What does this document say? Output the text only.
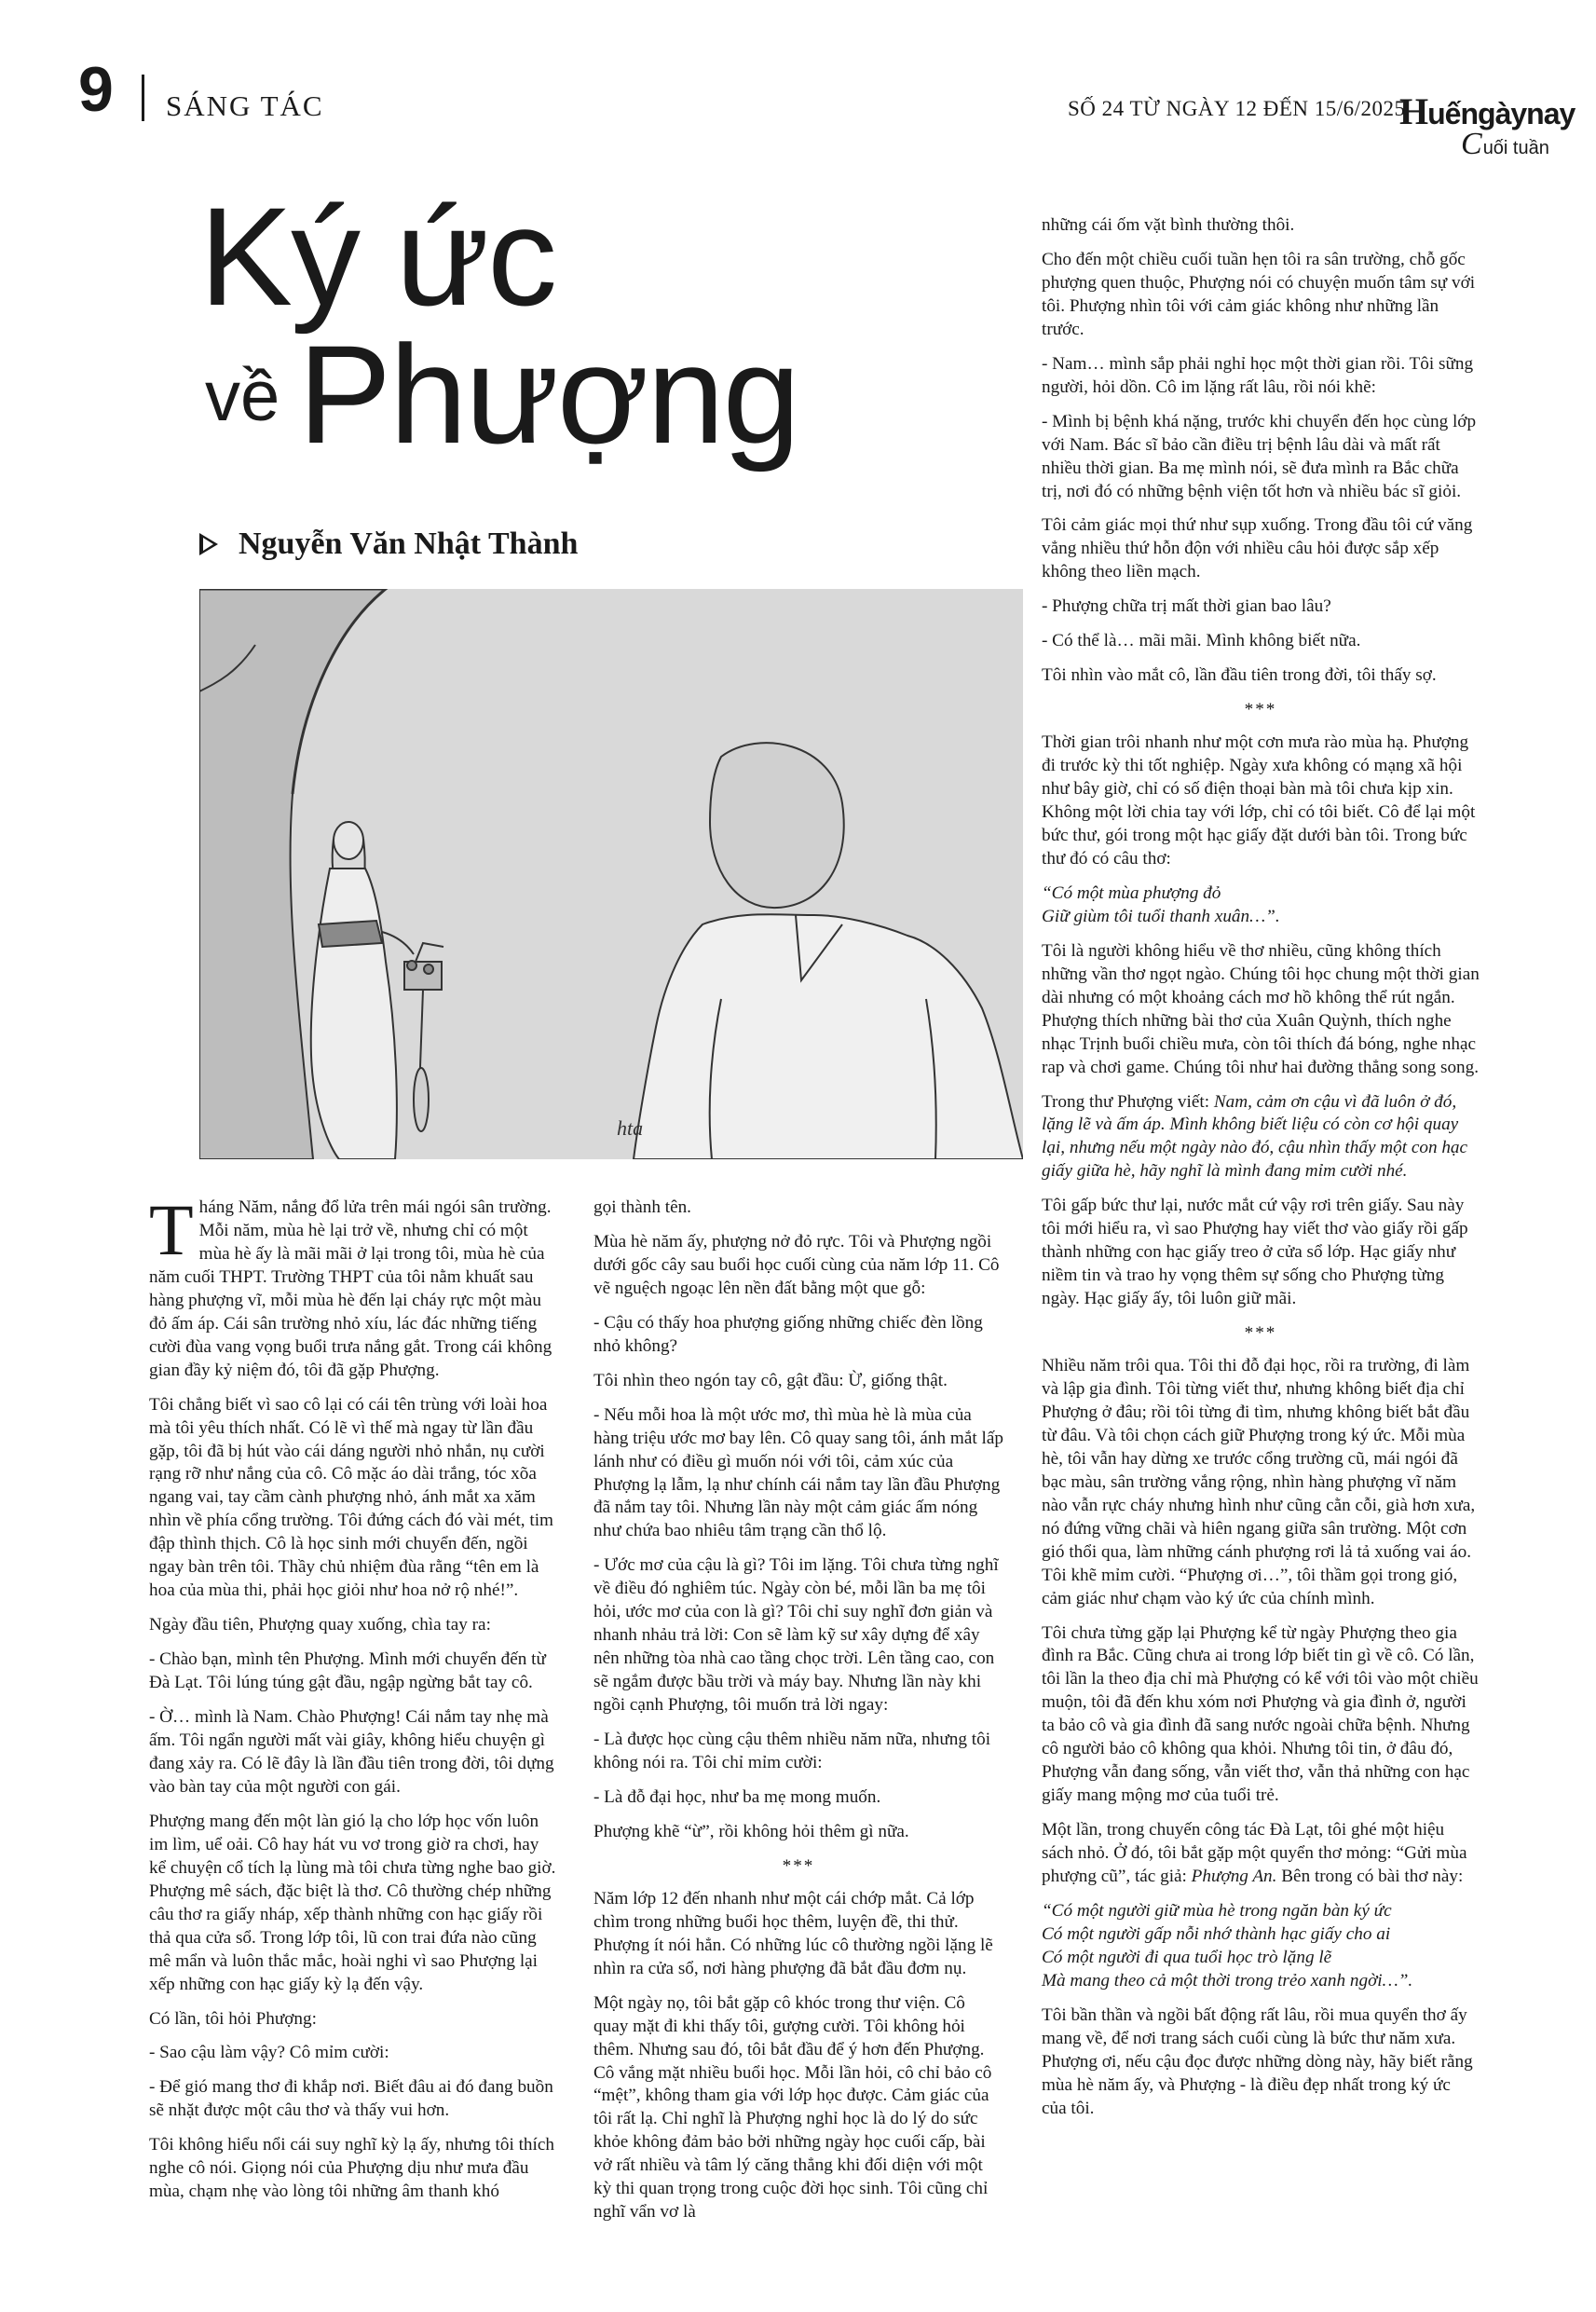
9 SÁNG TÁC	SỐ 24 TỪ NGÀY 12 ĐẾN 15/6/2025
Huếngàynay
Cuối tuần
Ký ức
về Phượng
Nguyễn Văn Nhật Thành
hta

Tháng Năm, nắng đổ lửa trên mái ngói sân trường. Mỗi năm, mùa hè lại trở về, nhưng chỉ có một mùa hè ấy là mãi mãi ở lại trong tôi, mùa hè của năm cuối THPT. Trường THPT của tôi nằm khuất sau hàng phượng vĩ, mỗi mùa hè đến lại cháy rực một màu đỏ ấm áp. Cái sân trường nhỏ xíu, lác đác những tiếng cười đùa vang vọng buổi trưa nắng gắt. Trong cái không gian đầy kỷ niệm đó, tôi đã gặp Phượng.

Tôi chẳng biết vì sao cô lại có cái tên trùng với loài hoa mà tôi yêu thích nhất. Có lẽ vì thế mà ngay từ lần đầu gặp, tôi đã bị hút vào cái dáng người nhỏ nhắn, nụ cười rạng rỡ như nắng của cô. Cô mặc áo dài trắng, tóc xõa ngang vai, tay cầm cành phượng nhỏ, ánh mắt xa xăm nhìn về phía cổng trường. Tôi đứng cách đó vài mét, tim đập thình thịch. Cô là học sinh mới chuyển đến, ngồi ngay bàn trên tôi. Thầy chủ nhiệm đùa rằng “tên em là hoa của mùa thi, phải học giỏi như hoa nở rộ nhé!”.

Ngày đầu tiên, Phượng quay xuống, chìa tay ra:

- Chào bạn, mình tên Phượng. Mình mới chuyển đến từ Đà Lạt. Tôi lúng túng gật đầu, ngập ngừng bắt tay cô.

- Ờ… mình là Nam. Chào Phượng! Cái nắm tay nhẹ mà ấm. Tôi ngẩn người mất vài giây, không hiểu chuyện gì đang xảy ra. Có lẽ đây là lần đầu tiên trong đời, tôi dựng vào bàn tay của một người con gái.

Phượng mang đến một làn gió lạ cho lớp học vốn luôn im lìm, uể oải. Cô hay hát vu vơ trong giờ ra chơi, hay kể chuyện cổ tích lạ lùng mà tôi chưa từng nghe bao giờ. Phượng mê sách, đặc biệt là thơ. Cô thường chép những câu thơ ra giấy nháp, xếp thành những con hạc giấy rồi thả qua cửa sổ. Trong lớp tôi, lũ con trai đứa nào cũng mê mẩn và luôn thắc mắc, hoài nghi vì sao Phượng lại xếp những con hạc giấy kỳ lạ đến vậy.

Có lần, tôi hỏi Phượng:

- Sao cậu làm vậy? Cô mỉm cười:

- Để gió mang thơ đi khắp nơi. Biết đâu ai đó đang buồn sẽ nhặt được một câu thơ và thấy vui hơn.

Tôi không hiểu nổi cái suy nghĩ kỳ lạ ấy, nhưng tôi thích nghe cô nói. Giọng nói của Phượng dịu như mưa đầu mùa, chạm nhẹ vào lòng tôi những âm thanh khó

gọi thành tên.

Mùa hè năm ấy, phượng nở đỏ rực. Tôi và Phượng ngồi dưới gốc cây sau buổi học cuối cùng của năm lớp 11. Cô vẽ nguệch ngoạc lên nền đất bằng một que gỗ:

- Cậu có thấy hoa phượng giống những chiếc đèn lồng nhỏ không?

Tôi nhìn theo ngón tay cô, gật đầu: Ừ, giống thật.

- Nếu mỗi hoa là một ước mơ, thì mùa hè là mùa của hàng triệu ước mơ bay lên. Cô quay sang tôi, ánh mắt lấp lánh như có điều gì muốn nói với tôi, cảm xúc của Phượng lạ lẫm, lạ như chính cái nắm tay lần đầu Phượng đã nắm tay tôi. Nhưng lần này một cảm giác ấm nóng như chứa bao nhiêu tâm trạng cần thổ lộ.

- Ước mơ của cậu là gì? Tôi im lặng. Tôi chưa từng nghĩ về điều đó nghiêm túc. Ngày còn bé, mỗi lần ba mẹ tôi hỏi, ước mơ của con là gì? Tôi chỉ suy nghĩ đơn giản và nhanh nhảu trả lời: Con sẽ làm kỹ sư xây dựng để xây nên những tòa nhà cao tầng chọc trời. Lên tầng cao, con sẽ ngắm được bầu trời và máy bay. Nhưng lần này khi ngồi cạnh Phượng, tôi muốn trả lời ngay:

- Là được học cùng cậu thêm nhiều năm nữa, nhưng tôi không nói ra. Tôi chỉ mỉm cười:

- Là đỗ đại học, như ba mẹ mong muốn.

Phượng khẽ “ừ”, rồi không hỏi thêm gì nữa.

***

Năm lớp 12 đến nhanh như một cái chớp mắt. Cả lớp chìm trong những buổi học thêm, luyện đề, thi thử. Phượng ít nói hẳn. Có những lúc cô thường ngồi lặng lẽ nhìn ra cửa sổ, nơi hàng phượng đã bắt đầu đơm nụ.

Một ngày nọ, tôi bắt gặp cô khóc trong thư viện. Cô quay mặt đi khi thấy tôi, gượng cười. Tôi không hỏi thêm. Nhưng sau đó, tôi bắt đầu để ý hơn đến Phượng. Cô vắng mặt nhiều buổi học. Mỗi lần hỏi, cô chỉ bảo cô “mệt”, không tham gia với lớp học được. Cảm giác của tôi rất lạ. Chỉ nghĩ là Phượng nghỉ học là do lý do sức khỏe không đảm bảo bởi những ngày học cuối cấp, bài vở rất nhiều và tâm lý căng thẳng khi đối diện với một kỳ thi quan trọng trong cuộc đời học sinh. Tôi cũng chỉ nghĩ vẩn vơ là

những cái ốm vặt bình thường thôi.

Cho đến một chiều cuối tuần hẹn tôi ra sân trường, chỗ gốc phượng quen thuộc, Phượng nói có chuyện muốn tâm sự với tôi. Phượng nhìn tôi với cảm giác không như những lần trước.

- Nam… mình sắp phải nghỉ học một thời gian rồi. Tôi sững người, hỏi dồn. Cô im lặng rất lâu, rồi nói khẽ:

- Mình bị bệnh khá nặng, trước khi chuyển đến học cùng lớp với Nam. Bác sĩ bảo cần điều trị bệnh lâu dài và mất rất nhiều thời gian. Ba mẹ mình nói, sẽ đưa mình ra Bắc chữa trị, nơi đó có những bệnh viện tốt hơn và nhiều bác sĩ giỏi.

Tôi cảm giác mọi thứ như sụp xuống. Trong đầu tôi cứ văng vẳng nhiều thứ hỗn độn với nhiều câu hỏi được sắp xếp không theo liền mạch.

- Phượng chữa trị mất thời gian bao lâu?

- Có thể là… mãi mãi. Mình không biết nữa.

Tôi nhìn vào mắt cô, lần đầu tiên trong đời, tôi thấy sợ.

***

Thời gian trôi nhanh như một cơn mưa rào mùa hạ. Phượng đi trước kỳ thi tốt nghiệp. Ngày xưa không có mạng xã hội như bây giờ, chỉ có số điện thoại bàn mà tôi chưa kịp xin. Không một lời chia tay với lớp, chỉ có tôi biết. Cô để lại một bức thư, gói trong một hạc giấy đặt dưới bàn tôi. Trong bức thư đó có câu thơ:

“Có một mùa phượng đỏ
Giữ giùm tôi tuổi thanh xuân…”.

Tôi là người không hiểu về thơ nhiều, cũng không thích những vần thơ ngọt ngào. Chúng tôi học chung một thời gian dài nhưng có một khoảng cách mơ hồ không thể rút ngắn. Phượng thích những bài thơ của Xuân Quỳnh, thích nghe nhạc Trịnh buổi chiều mưa, còn tôi thích đá bóng, nghe nhạc rap và chơi game. Chúng tôi như hai đường thẳng song song.

Trong thư Phượng viết: Nam, cảm ơn cậu vì đã luôn ở đó, lặng lẽ và ấm áp. Mình không biết liệu có còn cơ hội quay lại, nhưng nếu một ngày nào đó, cậu nhìn thấy một con hạc giấy giữa hè, hãy nghĩ là mình đang mỉm cười nhé.

Tôi gấp bức thư lại, nước mắt cứ vậy rơi trên giấy. Sau này tôi mới hiểu ra, vì sao Phượng hay viết thơ vào giấy rồi gấp thành những con hạc giấy treo ở cửa sổ lớp. Hạc giấy như niềm tin và trao hy vọng thêm sự sống cho Phượng từng ngày. Hạc giấy ấy, tôi luôn giữ mãi.

***

Nhiều năm trôi qua. Tôi thi đỗ đại học, rồi ra trường, đi làm và lập gia đình. Tôi từng viết thư, nhưng không biết địa chỉ Phượng ở đâu; rồi tôi từng đi tìm, nhưng không biết bắt đầu từ đâu. Và tôi chọn cách giữ Phượng trong ký ức. Mỗi mùa hè, tôi vẫn hay dừng xe trước cổng trường cũ, mái ngói đã bạc màu, sân trường vắng rộng, nhìn hàng phượng vĩ năm nào vẫn rực cháy nhưng hình như cũng cằn cỗi, già hơn xưa, nó đứng vững chãi và hiên ngang giữa sân trường. Một cơn gió thổi qua, làm những cánh phượng rơi lả tả xuống vai áo. Tôi khẽ mỉm cười. “Phượng ơi…”, tôi thầm gọi trong gió, cảm giác như chạm vào ký ức của chính mình.

Tôi chưa từng gặp lại Phượng kể từ ngày Phượng theo gia đình ra Bắc. Cũng chưa ai trong lớp biết tin gì về cô. Có lần, tôi lần la theo địa chỉ mà Phượng có kể với tôi vào một chiều muộn, tôi đã đến khu xóm nơi Phượng và gia đình ở, người ta bảo cô và gia đình đã sang nước ngoài chữa bệnh. Nhưng cô người bảo cô không qua khỏi. Nhưng tôi tin, ở đâu đó, Phượng vẫn đang sống, vẫn viết thơ, vẫn thả những con hạc giấy mang mộng mơ của tuổi trẻ.

Một lần, trong chuyến công tác Đà Lạt, tôi ghé một hiệu sách nhỏ. Ở đó, tôi bắt gặp một quyển thơ mỏng: “Gửi mùa phượng cũ”, tác giả: Phượng An. Bên trong có bài thơ này:

“Có một người giữ mùa hè trong ngăn bàn ký ức
Có một người gấp nỗi nhớ thành hạc giấy cho ai
Có một người đi qua tuổi học trò lặng lẽ
Mà mang theo cả một thời trong trẻo xanh ngời…”.

Tôi bần thần và ngồi bất động rất lâu, rồi mua quyển thơ ấy mang về, để nơi trang sách cuối cùng là bức thư năm xưa. Phượng ơi, nếu cậu đọc được những dòng này, hãy biết rằng mùa hè năm ấy, và Phượng - là điều đẹp nhất trong ký ức của tôi.
